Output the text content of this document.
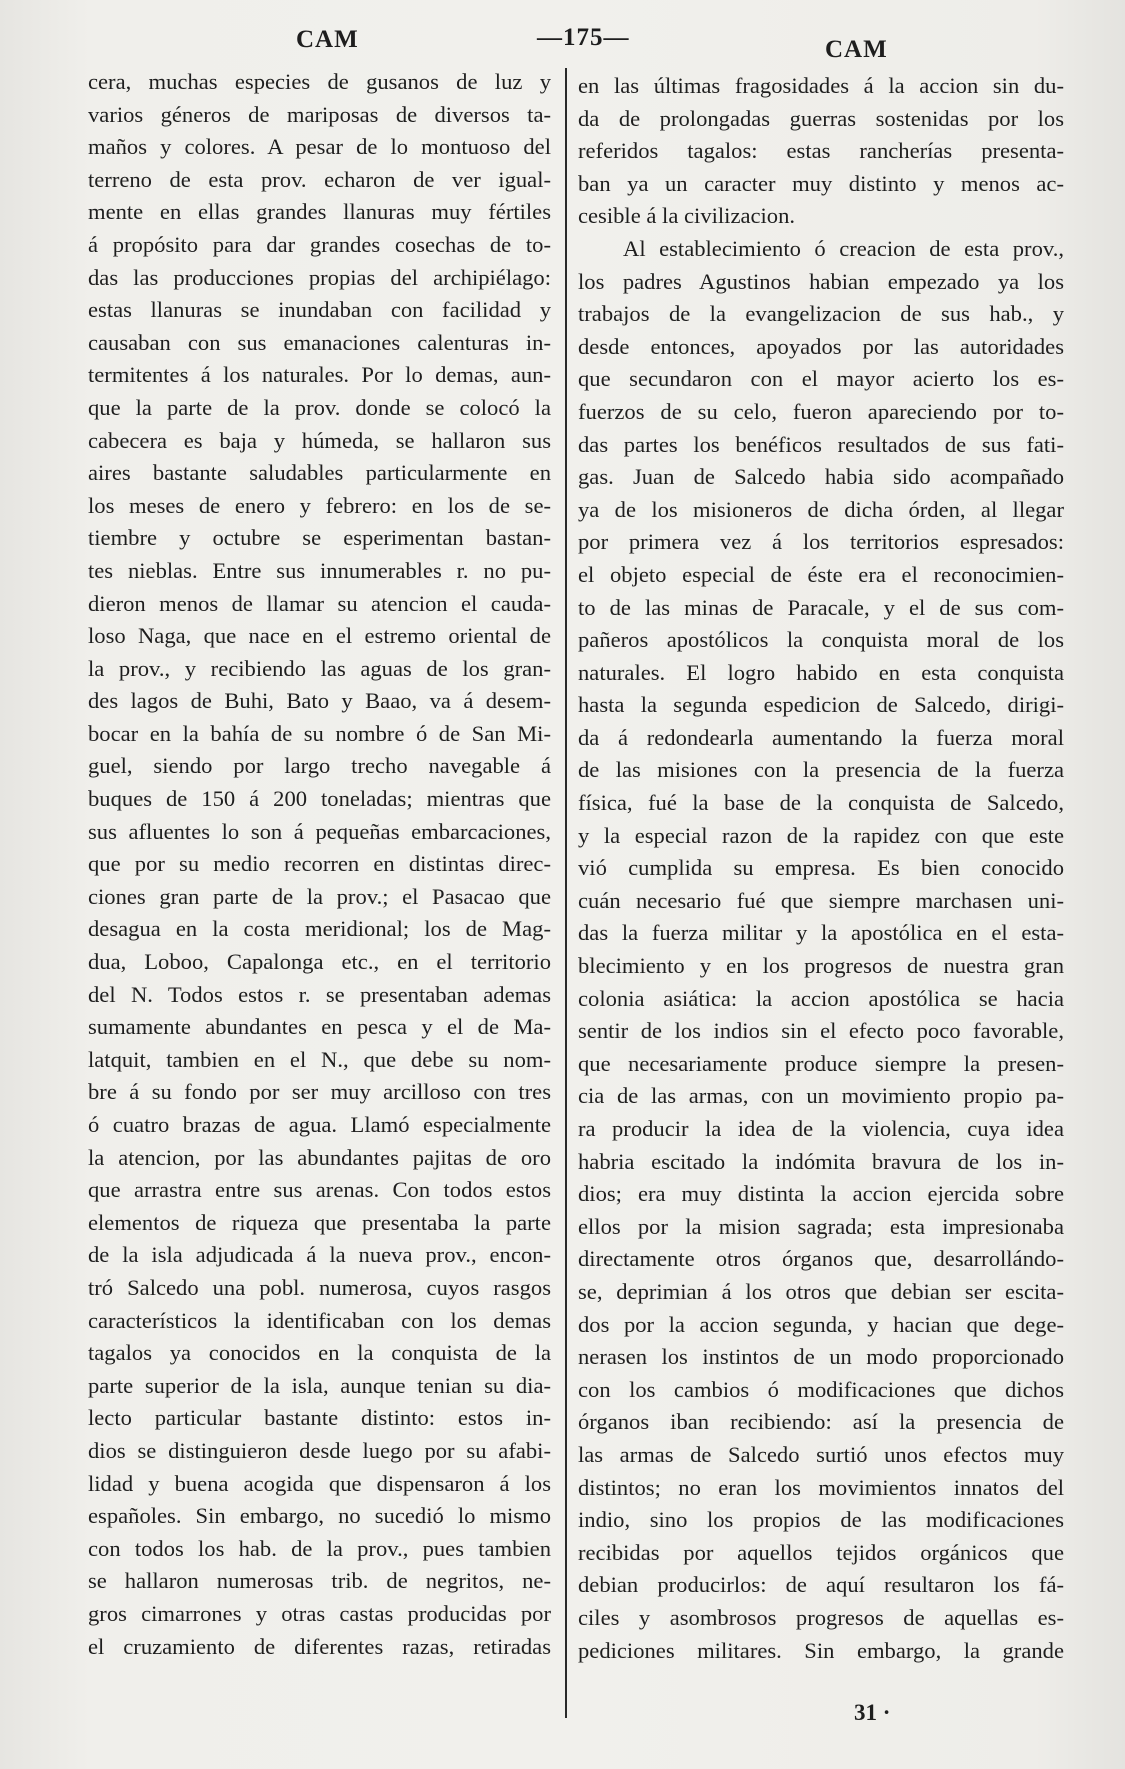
CAM	—175—	CAM
cera, muchas especies de gusanos de luz y
varios géneros de mariposas de diversos ta-
maños y colores. A pesar de lo montuoso del
terreno de esta prov. echaron de ver igual-
mente en ellas grandes llanuras muy fértiles
á propósito para dar grandes cosechas de to-
das las producciones propias del archipiélago:
estas llanuras se inundaban con facilidad y
causaban con sus emanaciones calenturas in-
termitentes á los naturales. Por lo demas, aun-
que la parte de la prov. donde se colocó la
cabecera es baja y húmeda, se hallaron sus
aires bastante saludables particularmente en
los meses de enero y febrero: en los de se-
tiembre y octubre se esperimentan bastan-
tes nieblas. Entre sus innumerables r. no pu-
dieron menos de llamar su atencion el cauda-
loso Naga, que nace en el estremo oriental de
la prov., y recibiendo las aguas de los gran-
des lagos de Buhi, Bato y Baao, va á desem-
bocar en la bahía de su nombre ó de San Mi-
guel, siendo por largo trecho navegable á
buques de 150 á 200 toneladas; mientras que
sus afluentes lo son á pequeñas embarcaciones,
que por su medio recorren en distintas direc-
ciones gran parte de la prov.; el Pasacao que
desagua en la costa meridional; los de Mag-
dua, Loboo, Capalonga etc., en el territorio
del N. Todos estos r. se presentaban ademas
sumamente abundantes en pesca y el de Ma-
latquit, tambien en el N., que debe su nom-
bre á su fondo por ser muy arcilloso con tres
ó cuatro brazas de agua. Llamó especialmente
la atencion, por las abundantes pajitas de oro
que arrastra entre sus arenas. Con todos estos
elementos de riqueza que presentaba la parte
de la isla adjudicada á la nueva prov., encon-
tró Salcedo una pobl. numerosa, cuyos rasgos
característicos la identificaban con los demas
tagalos ya conocidos en la conquista de la
parte superior de la isla, aunque tenian su dia-
lecto particular bastante distinto: estos in-
dios se distinguieron desde luego por su afabi-
lidad y buena acogida que dispensaron á los
españoles. Sin embargo, no sucedió lo mismo
con todos los hab. de la prov., pues tambien
se hallaron numerosas trib. de negritos, ne-
gros cimarrones y otras castas producidas por
el cruzamiento de diferentes razas, retiradas
en las últimas fragosidades á la accion sin du-
da de prolongadas guerras sostenidas por los
referidos tagalos: estas rancherías presenta-
ban ya un caracter muy distinto y menos ac-
cesible á la civilizacion.
Al establecimiento ó creacion de esta prov.,
los padres Agustinos habian empezado ya los
trabajos de la evangelizacion de sus hab., y
desde entonces, apoyados por las autoridades
que secundaron con el mayor acierto los es-
fuerzos de su celo, fueron apareciendo por to-
das partes los benéficos resultados de sus fati-
gas. Juan de Salcedo habia sido acompañado
ya de los misioneros de dicha órden, al llegar
por primera vez á los territorios espresados:
el objeto especial de éste era el reconocimien-
to de las minas de Paracale, y el de sus com-
pañeros apostólicos la conquista moral de los
naturales. El logro habido en esta conquista
hasta la segunda espedicion de Salcedo, dirigi-
da á redondearla aumentando la fuerza moral
de las misiones con la presencia de la fuerza
física, fué la base de la conquista de Salcedo,
y la especial razon de la rapidez con que este
vió cumplida su empresa. Es bien conocido
cuán necesario fué que siempre marchasen uni-
das la fuerza militar y la apostólica en el esta-
blecimiento y en los progresos de nuestra gran
colonia asiática: la accion apostólica se hacia
sentir de los indios sin el efecto poco favorable,
que necesariamente produce siempre la presen-
cia de las armas, con un movimiento propio pa-
ra producir la idea de la violencia, cuya idea
habria escitado la indómita bravura de los in-
dios; era muy distinta la accion ejercida sobre
ellos por la mision sagrada; esta impresionaba
directamente otros órganos que, desarrollándo-
se, deprimian á los otros que debian ser escita-
dos por la accion segunda, y hacian que dege-
nerasen los instintos de un modo proporcionado
con los cambios ó modificaciones que dichos
órganos iban recibiendo: así la presencia de
las armas de Salcedo surtió unos efectos muy
distintos; no eran los movimientos innatos del
indio, sino los propios de las modificaciones
recibidas por aquellos tejidos orgánicos que
debian producirlos: de aquí resultaron los fá-
ciles y asombrosos progresos de aquellas es-
pediciones militares. Sin embargo, la grande
31 ·
